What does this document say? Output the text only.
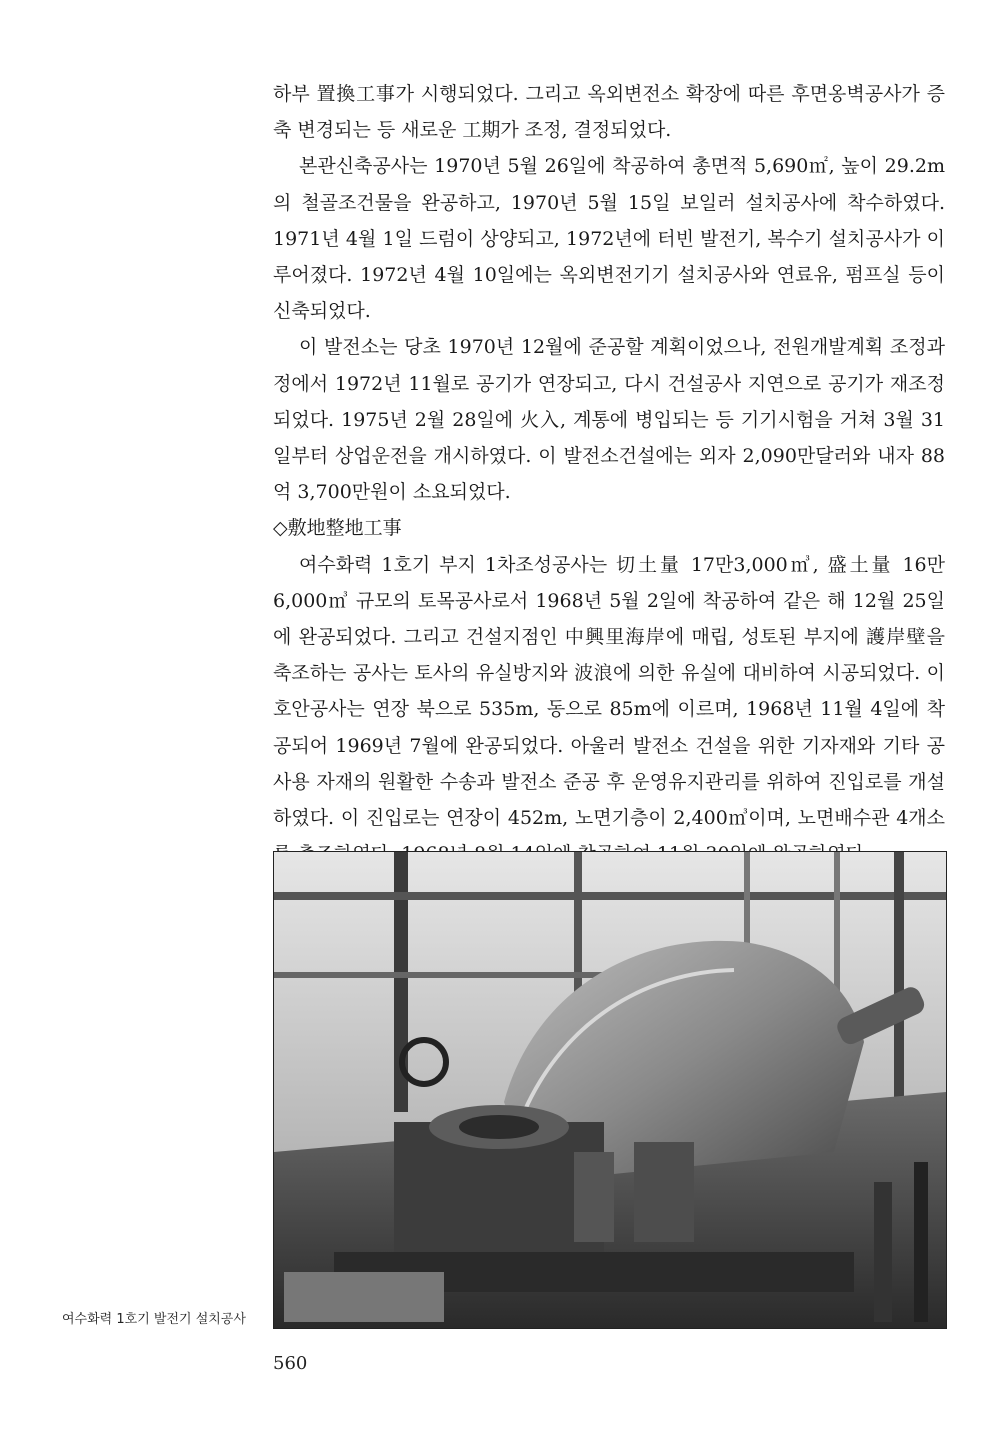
하부 置換工事가 시행되었다. 그리고 옥외변전소 확장에 따른 후면옹벽공사가 증축 변경되는 등 새로운 工期가 조정, 결정되었다.

본관신축공사는 1970년 5월 26일에 착공하여 총면적 5,690㎡, 높이 29.2m의 철골조건물을 완공하고, 1970년 5월 15일 보일러 설치공사에 착수하였다. 1971년 4월 1일 드럼이 상양되고, 1972년에 터빈 발전기, 복수기 설치공사가 이루어졌다. 1972년 4월 10일에는 옥외변전기기 설치공사와 연료유, 펌프실 등이 신축되었다.

이 발전소는 당초 1970년 12월에 준공할 계획이었으나, 전원개발계획 조정과정에서 1972년 11월로 공기가 연장되고, 다시 건설공사 지연으로 공기가 재조정되었다. 1975년 2월 28일에 火入, 계통에 병입되는 등 기기시험을 거쳐 3월 31일부터 상업운전을 개시하였다. 이 발전소건설에는 외자 2,090만달러와 내자 88억 3,700만원이 소요되었다.

◇敷地整地工事

여수화력 1호기 부지 1차조성공사는 切土量 17만3,000㎥, 盛土量 16만6,000㎥ 규모의 토목공사로서 1968년 5월 2일에 착공하여 같은 해 12월 25일에 완공되었다. 그리고 건설지점인 中興里海岸에 매립, 성토된 부지에 護岸壁을 축조하는 공사는 토사의 유실방지와 波浪에 의한 유실에 대비하여 시공되었다. 이 호안공사는 연장 북으로 535m, 동으로 85m에 이르며, 1968년 11월 4일에 착공되어 1969년 7월에 완공되었다. 아울러 발전소 건설을 위한 기자재와 기타 공사용 자재의 원활한 수송과 발전소 준공 후 운영유지관리를 위하여 진입로를 개설하였다. 이 진입로는 연장이 452m, 노면기층이 2,400㎥이며, 노면배수관 4개소

여수화력 1호기 발전기 설치공사
560
